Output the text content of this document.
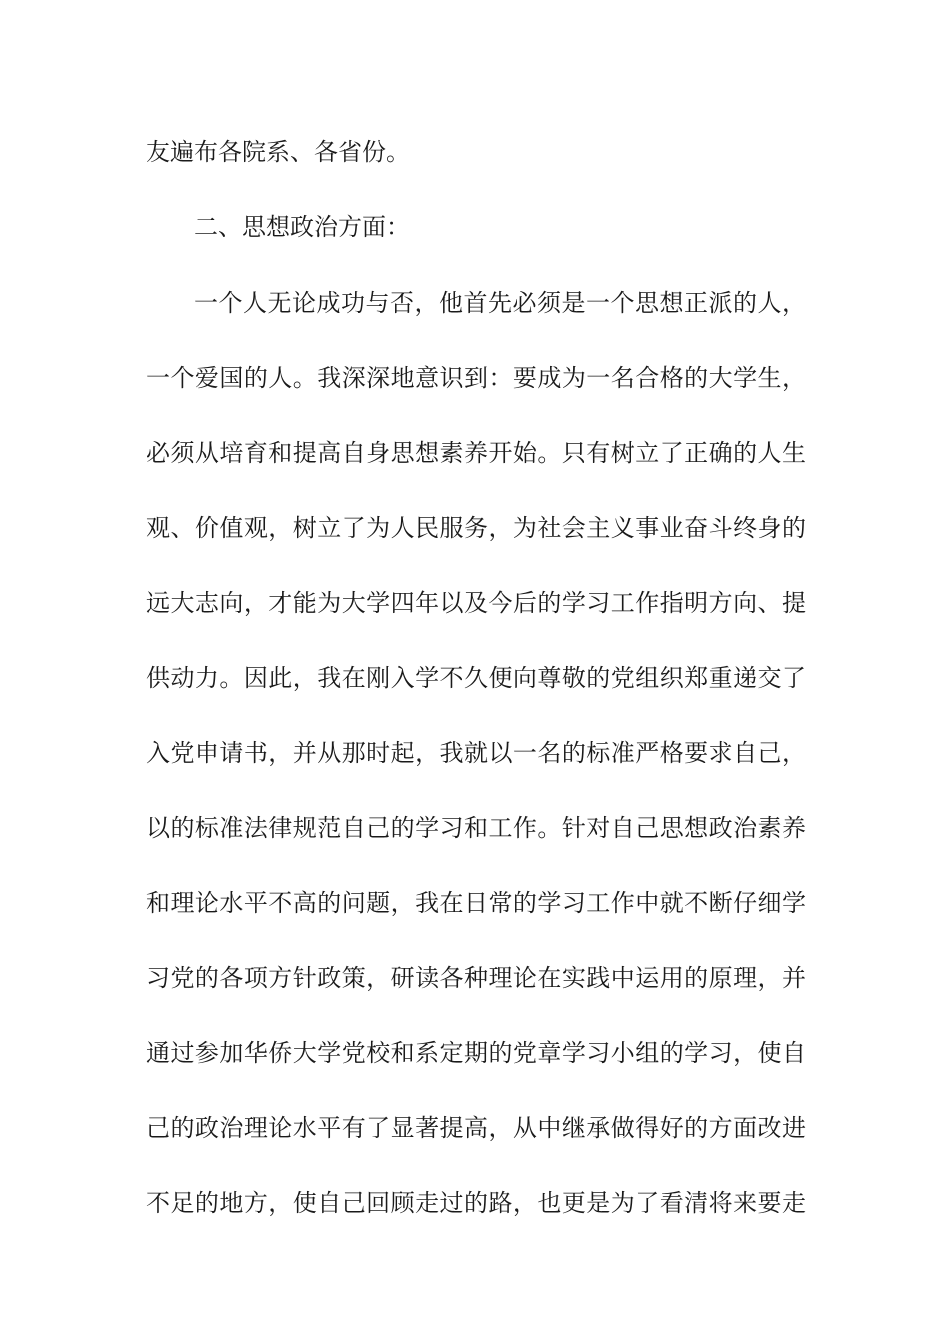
友遍布各院系、各省份。
二、思想政治方面：
一个人无论成功与否，他首先必须是一个思想正派的人，
一个爱国的人。我深深地意识到：要成为一名合格的大学生，
必须从培育和提高自身思想素养开始。只有树立了正确的人生
观、价值观，树立了为人民服务，为社会主义事业奋斗终身的
远大志向，才能为大学四年以及今后的学习工作指明方向、提
供动力。因此，我在刚入学不久便向尊敬的党组织郑重递交了
入党申请书，并从那时起，我就以一名的标准严格要求自己，
以的标准法律规范自己的学习和工作。针对自己思想政治素养
和理论水平不高的问题，我在日常的学习工作中就不断仔细学
习党的各项方针政策，研读各种理论在实践中运用的原理，并
通过参加华侨大学党校和系定期的党章学习小组的学习，使自
己的政治理论水平有了显著提高，从中继承做得好的方面改进
不足的地方，使自己回顾走过的路，也更是为了看清将来要走
